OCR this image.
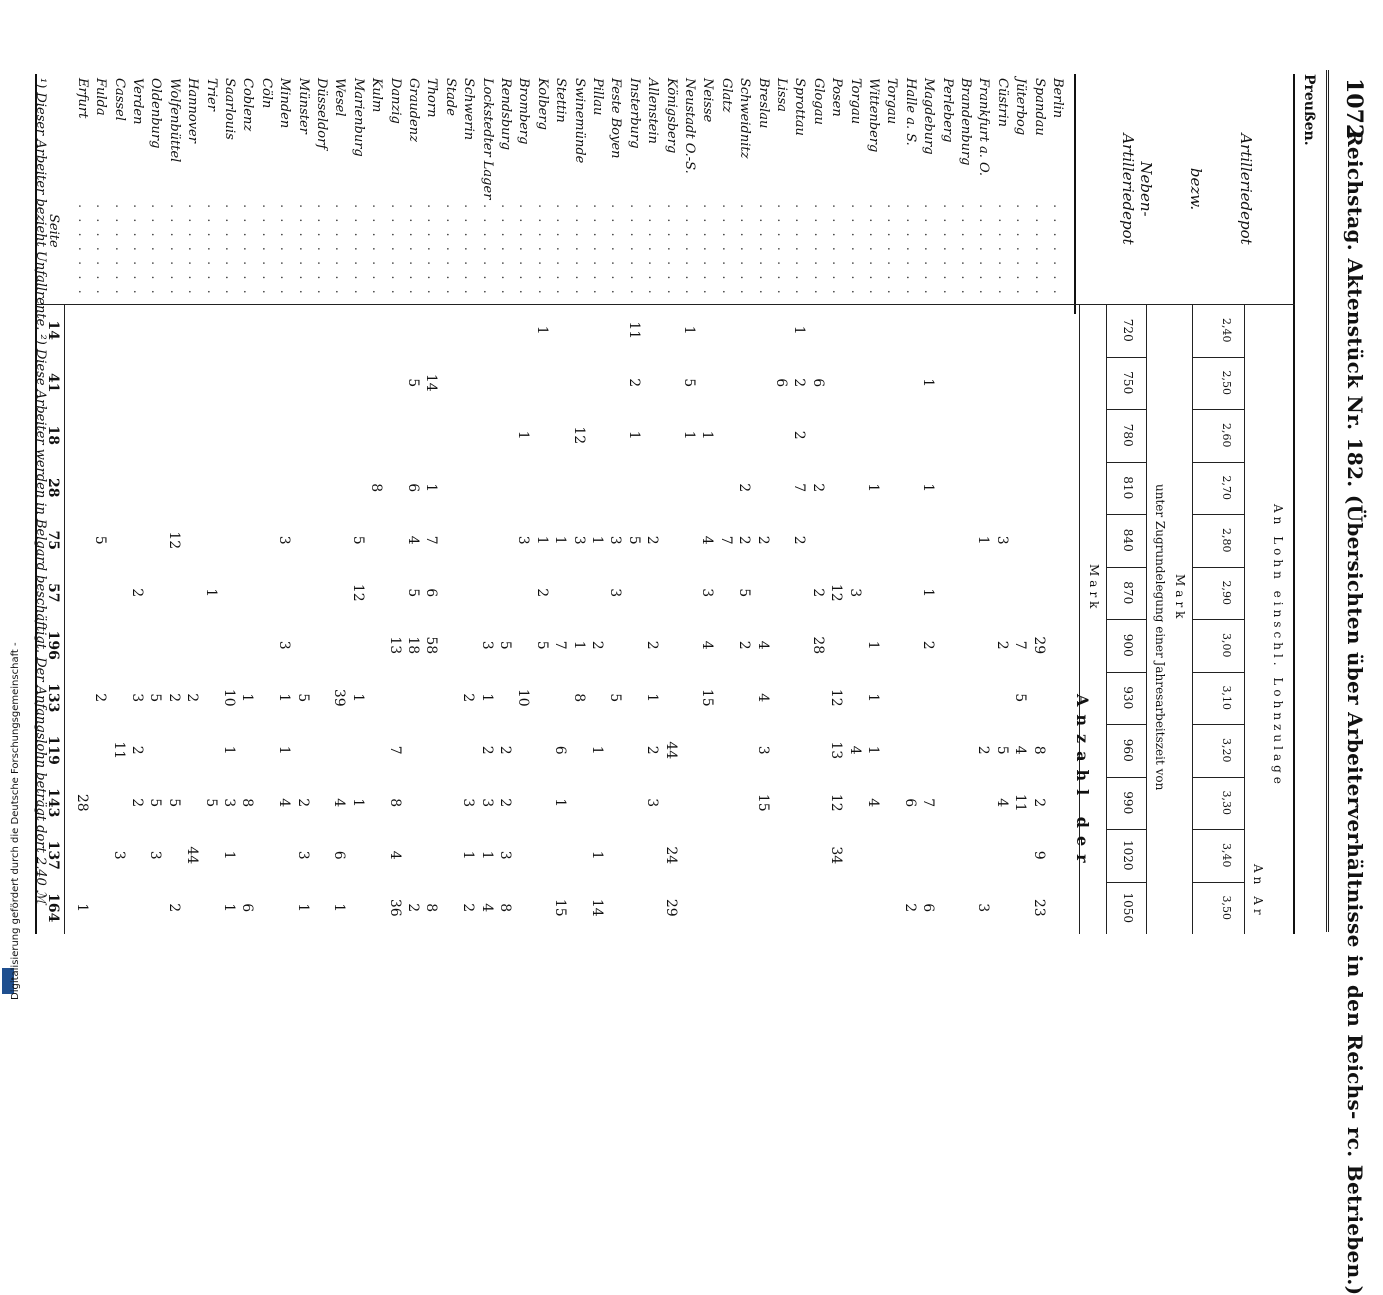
1072
Reichstag. Aktenstück Nr. 182. (Übersichten über Arbeiterverhältnisse in den Reichs- rc. Betrieben.)
Preußen.
Artilleriedepot
bezw.
Neben-Artilleriedepot
An Lohn einschl. Lohnzulage
An Ar
2,40
2,50
2,60
2,70
2,80
2,90
3,00
3,10
3,20
3,30
3,40
3,50
Mark
unter Zugrundelegung einer Jahresarbeitszeit von
720
750
780
810
840
870
900
930
960
990
1020
1050
Mark
Anzahl der
Berlin
. . . . . . .
Spandau
. . . . . . .
29
8
2
9
23
Jüterbog
. . . . . . .
7
5
4
11
Cüstrin
. . . . . . .
3
2
5
4
Frankfurt a. O.
. . . . . . .
1
2
3
Brandenburg
. . . . . . .
Perleberg
. . . . . . .
Magdeburg
. . . . . . .
1
1
1
2
7
6
Halle a. S.
. . . . . . .
6
2
Torgau
. . . . . . .
Wittenberg
. . . . . . .
1
1
1
1
4
Torgau
. . . . . . .
3
4
Posen
. . . . . . .
12
12
13
12
34
Glogau
. . . . . . .
6
2
2
28
Sprottau
. . . . . . .
1
2
2
7
2
Lissa
. . . . . . .
6
Breslau
. . . . . . .
2
4
4
3
15
Schweidnitz
. . . . . . .
2
2
5
2
Glatz
. . . . . . .
7
Neisse
. . . . . . .
1
4
3
4
15
Neustadt O.-S.
. . . . . . .
1
5
1
Königsberg
. . . . . . .
44
24
29
Allenstein
. . . . . . .
2
2
1
2
3
Insterburg
. . . . . . .
11
2
1
5
Feste Boyen
. . . . . . .
3
3
5
Pillau
. . . . . . .
1
2
1
1
14
Swinemünde
. . . . . . .
12
3
1
8
Stettin
. . . . . . .
1
7
6
1
15
Kolberg
. . . . . . .
1
1
2
5
Bromberg
. . . . . . .
1
3
10
Rendsburg
. . . . . . .
5
2
2
3
8
Lockstedter Lager
. . . . . . .
3
1
2
3
1
4
Schwerin
. . . . . . .
2
3
1
2
Stade
. . . . . . .
Thorn
. . . . . . .
14
1
7
6
58
8
Graudenz
. . . . . . .
5
6
4
5
18
2
Danzig
. . . . . . .
13
7
8
4
36
Kulm
. . . . . . .
8
Marienburg
. . . . . . .
5
12
1
1
Wesel
. . . . . . .
39
4
6
1
Düsseldorf
. . . . . . .
Münster
. . . . . . .
5
2
3
1
Minden
. . . . . . .
3
3
1
1
4
Cöln
. . . . . . .
Coblenz
. . . . . . .
1
8
6
Saarlouis
. . . . . . .
10
1
3
1
1
Trier
. . . . . . .
1
5
Hannover
. . . . . . .
2
44
Wolfenbüttel
. . . . . . .
12
2
5
2
Oldenburg
. . . . . . .
5
5
3
Verden
. . . . . . .
2
3
2
2
Cassel
. . . . . . .
11
3
Fulda
. . . . . . .
5
2
Erfurt
. . . . . . .
28
1
Seite
14
41
18
28
75
57
196
133
119
143
137
164
¹) Dieser Arbeiter bezieht Unfallrente. ²) Diese Arbeiter werden in Belgard beschäftigt. Der Anfangslohn beträgt dort 2,40 ℳ
Digitalisierung gefördert durch die Deutsche Forschungsgemeinschaft -
